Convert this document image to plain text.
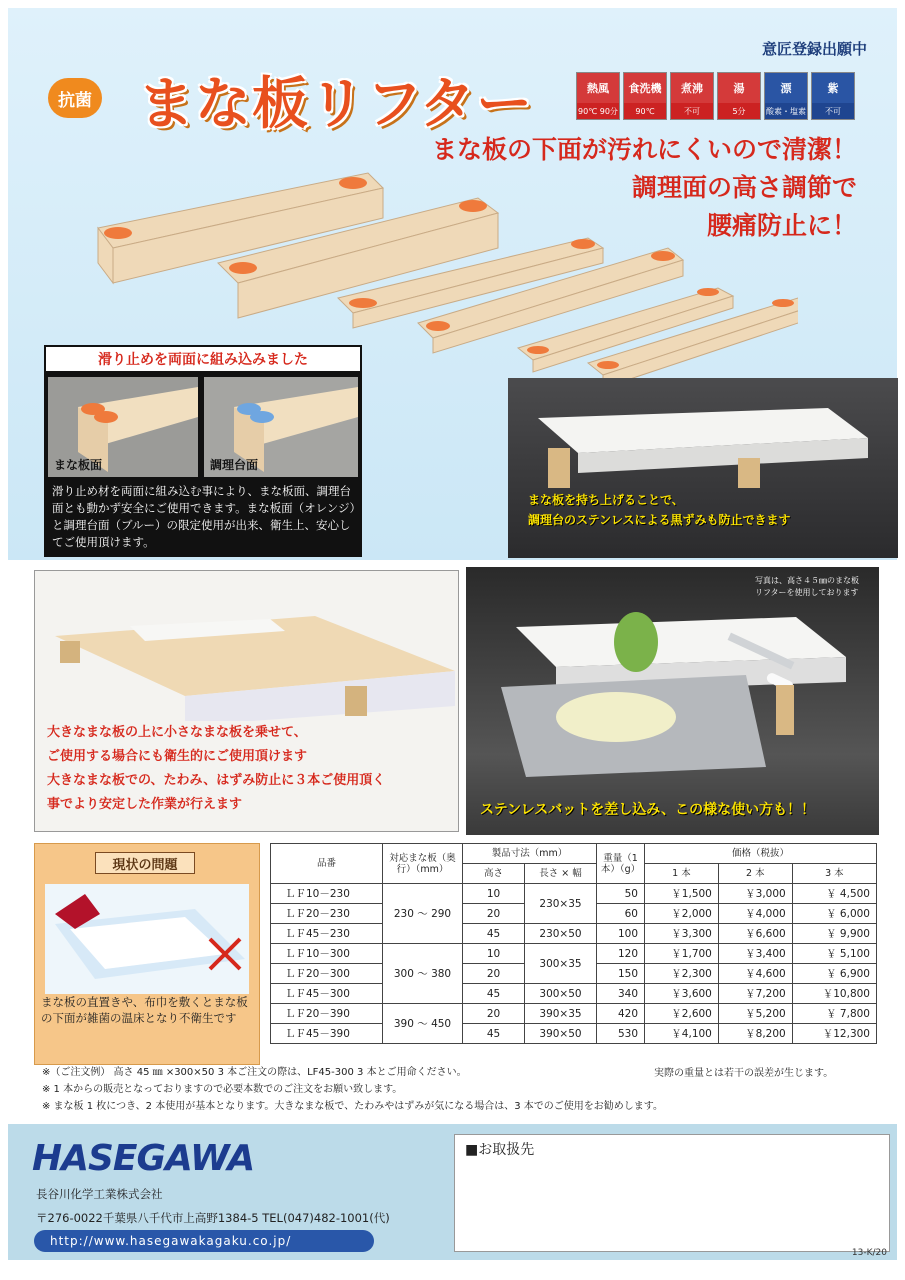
意匠登録出願中
抗菌 まな板リフター	熱風
90℃ 90分
食洗機
90℃
煮沸
不可
湯
5分
漂
酸素・塩素
紫
不可
まな板の下面が汚れにくいので清潔！
調理面の高さ調節で
腰痛防止に！
滑り止めを両面に組み込みました
まな板面	調理台面
滑り止め材を両面に組み込む事により、まな板面、調理台面とも動かず安全にご使用できます。まな板面（オレンジ）と調理台面（ブルー）の限定使用が出来、衛生上、安心してご使用頂けます。
まな板を持ち上げることで、
調理台のステンレスによる黒ずみも防止できます
大きなまな板の上に小さなまな板を乗せて、
ご使用する場合にも衛生的にご使用頂けます
大きなまな板での、たわみ、はずみ防止に３本ご使用頂く
事でより安定した作業が行えます
写真は、高さ４５㎜のまな板リフターを使用しております
ステンレスバットを差し込み、この様な使い方も！！
現状の問題
まな板の直置きや、布巾を敷くとまな板の下面が雑菌の温床となり不衛生です
品番	対応まな板（奥行）（mm）	製品寸法（mm）		重量（1本）（g）	価格（税抜）		
		高さ	長さ × 幅		1 本	2 本	3 本
ＬＦ10－230	230 ～ 290	10	230×35	50	￥1,500	￥3,000	￥ 4,500
ＬＦ20－230		20		60	￥2,000	￥4,000	￥ 6,000
ＬＦ45－230		45	230×50	100	￥3,300	￥6,600	￥ 9,900
ＬＦ10－300	300 ～ 380	10	300×35	120	￥1,700	￥3,400	￥ 5,100
ＬＦ20－300		20		150	￥2,300	￥4,600	￥ 6,900
ＬＦ45－300		45	300×50	340	￥3,600	￥7,200	￥10,800
ＬＦ20－390	390 ～ 450	20	390×35	420	￥2,600	￥5,200	￥ 7,800
ＬＦ45－390		45	390×50	530	￥4,100	￥8,200	￥12,300
実際の重量とは若干の誤差が生じます。
※（ご注文例） 高さ 45 ㎜ ×300×50 3 本ご注文の際は、LF45-300 3 本とご用命ください。
※ 1 本からの販売となっておりますので必要本数でのご注文をお願い致します。
※ まな板 1 枚につき、2 本使用が基本となります。大きなまな板で、たわみやはずみが気になる場合は、3 本でのご使用をお勧めします。
HASEGAWA
長谷川化学工業株式会社
〒276-0022千葉県八千代市上高野1384-5 TEL(047)482-1001(代)
http://www.hasegawakagaku.co.jp/
■お取扱先
13-K/20
